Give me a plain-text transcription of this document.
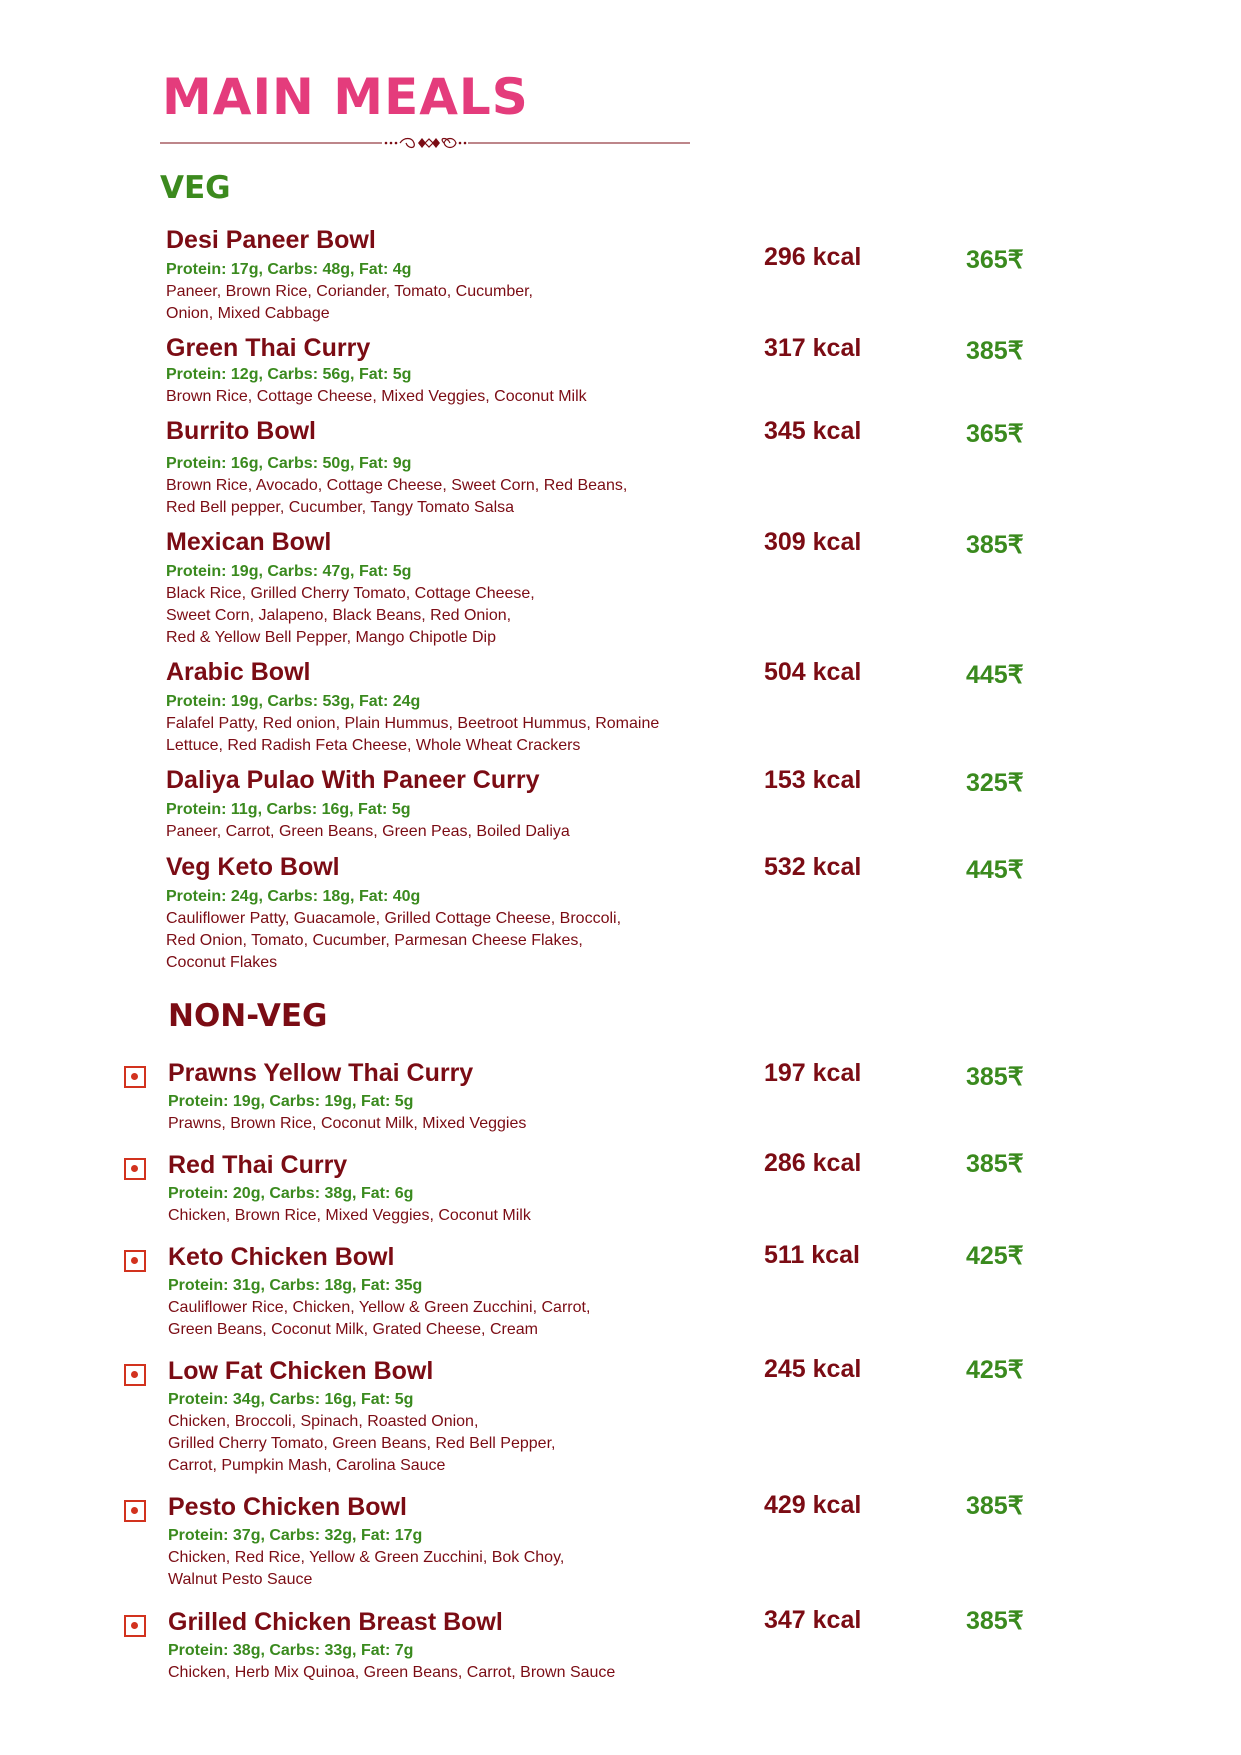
MAIN MEALS
VEG
Desi Paneer Bowl
Protein: 17g, Carbs: 48g, Fat: 4g
Paneer, Brown Rice, Coriander, Tomato, Cucumber,
Onion, Mixed Cabbage
296 kcal	365₹
Green Thai Curry
Protein: 12g, Carbs: 56g, Fat: 5g
Brown Rice, Cottage Cheese, Mixed Veggies, Coconut Milk
317 kcal	385₹
Burrito Bowl
Protein: 16g, Carbs: 50g, Fat: 9g
Brown Rice, Avocado, Cottage Cheese, Sweet Corn, Red Beans,
Red Bell pepper, Cucumber, Tangy Tomato Salsa
345 kcal	365₹
Mexican Bowl
Protein: 19g, Carbs: 47g, Fat: 5g
Black Rice, Grilled Cherry Tomato, Cottage Cheese,
Sweet Corn, Jalapeno, Black Beans, Red Onion,
Red & Yellow Bell Pepper, Mango Chipotle Dip
309 kcal	385₹
Arabic Bowl
Protein: 19g, Carbs: 53g, Fat: 24g
Falafel Patty, Red onion, Plain Hummus, Beetroot Hummus, Romaine
Lettuce, Red Radish Feta Cheese, Whole Wheat Crackers
504 kcal	445₹
Daliya Pulao With Paneer Curry
Protein: 11g, Carbs: 16g, Fat: 5g
Paneer, Carrot, Green Beans, Green Peas, Boiled Daliya
153 kcal	325₹
Veg Keto Bowl
Protein: 24g, Carbs: 18g, Fat: 40g
Cauliflower Patty, Guacamole, Grilled Cottage Cheese, Broccoli,
Red Onion, Tomato, Cucumber, Parmesan Cheese Flakes,
Coconut Flakes
532 kcal	445₹
NON-VEG
Prawns Yellow Thai Curry
Protein: 19g, Carbs: 19g, Fat: 5g
Prawns, Brown Rice, Coconut Milk, Mixed Veggies
197 kcal	385₹
Red Thai Curry
Protein: 20g, Carbs: 38g, Fat: 6g
Chicken, Brown Rice, Mixed Veggies, Coconut Milk
286 kcal	385₹
Keto Chicken Bowl
Protein: 31g, Carbs: 18g, Fat: 35g
Cauliflower Rice, Chicken, Yellow & Green Zucchini, Carrot,
Green Beans, Coconut Milk, Grated Cheese, Cream
511 kcal	425₹
Low Fat Chicken Bowl
Protein: 34g, Carbs: 16g, Fat: 5g
Chicken, Broccoli, Spinach, Roasted Onion,
Grilled Cherry Tomato, Green Beans, Red Bell Pepper,
Carrot, Pumpkin Mash, Carolina Sauce
245 kcal	425₹
Pesto Chicken Bowl
Protein: 37g, Carbs: 32g, Fat: 17g
Chicken, Red Rice, Yellow & Green Zucchini, Bok Choy,
Walnut Pesto Sauce
429 kcal	385₹
Grilled Chicken Breast Bowl
Protein: 38g, Carbs: 33g, Fat: 7g
Chicken, Herb Mix Quinoa, Green Beans, Carrot, Brown Sauce
347 kcal	385₹
